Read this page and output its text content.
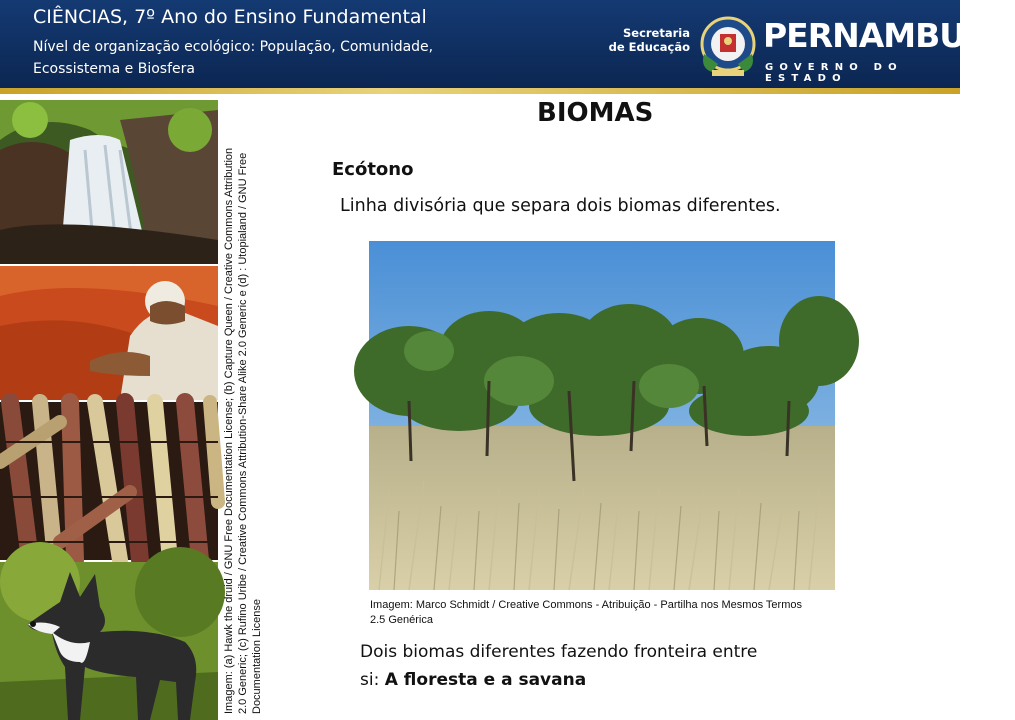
CIÊNCIAS, 7º Ano do Ensino Fundamental
Nível de organização ecológico: População, Comunidade, Ecossistema e Biosfera
Secretaria de Educação PERNAMBUCO
GOVERNO DO ESTADO
Imagem: (a) Hawk the druid / GNU Free Documentation License; (b) Capture Queen / Creative Commons Attribution 2.0 Generic; (c) Rufino Uribe / Creative Commons Attribution-Share Alike 2.0 Generic e (d) : Utopialand / GNU Free Documentation License
BIOMAS
Ecótono
Linha divisória que separa dois biomas diferentes.
Imagem: Marco Schmidt / Creative Commons - Atribuição - Partilha nos Mesmos Termos 2.5 Genérica
Dois biomas diferentes fazendo fronteira entre si: A floresta e a savana
